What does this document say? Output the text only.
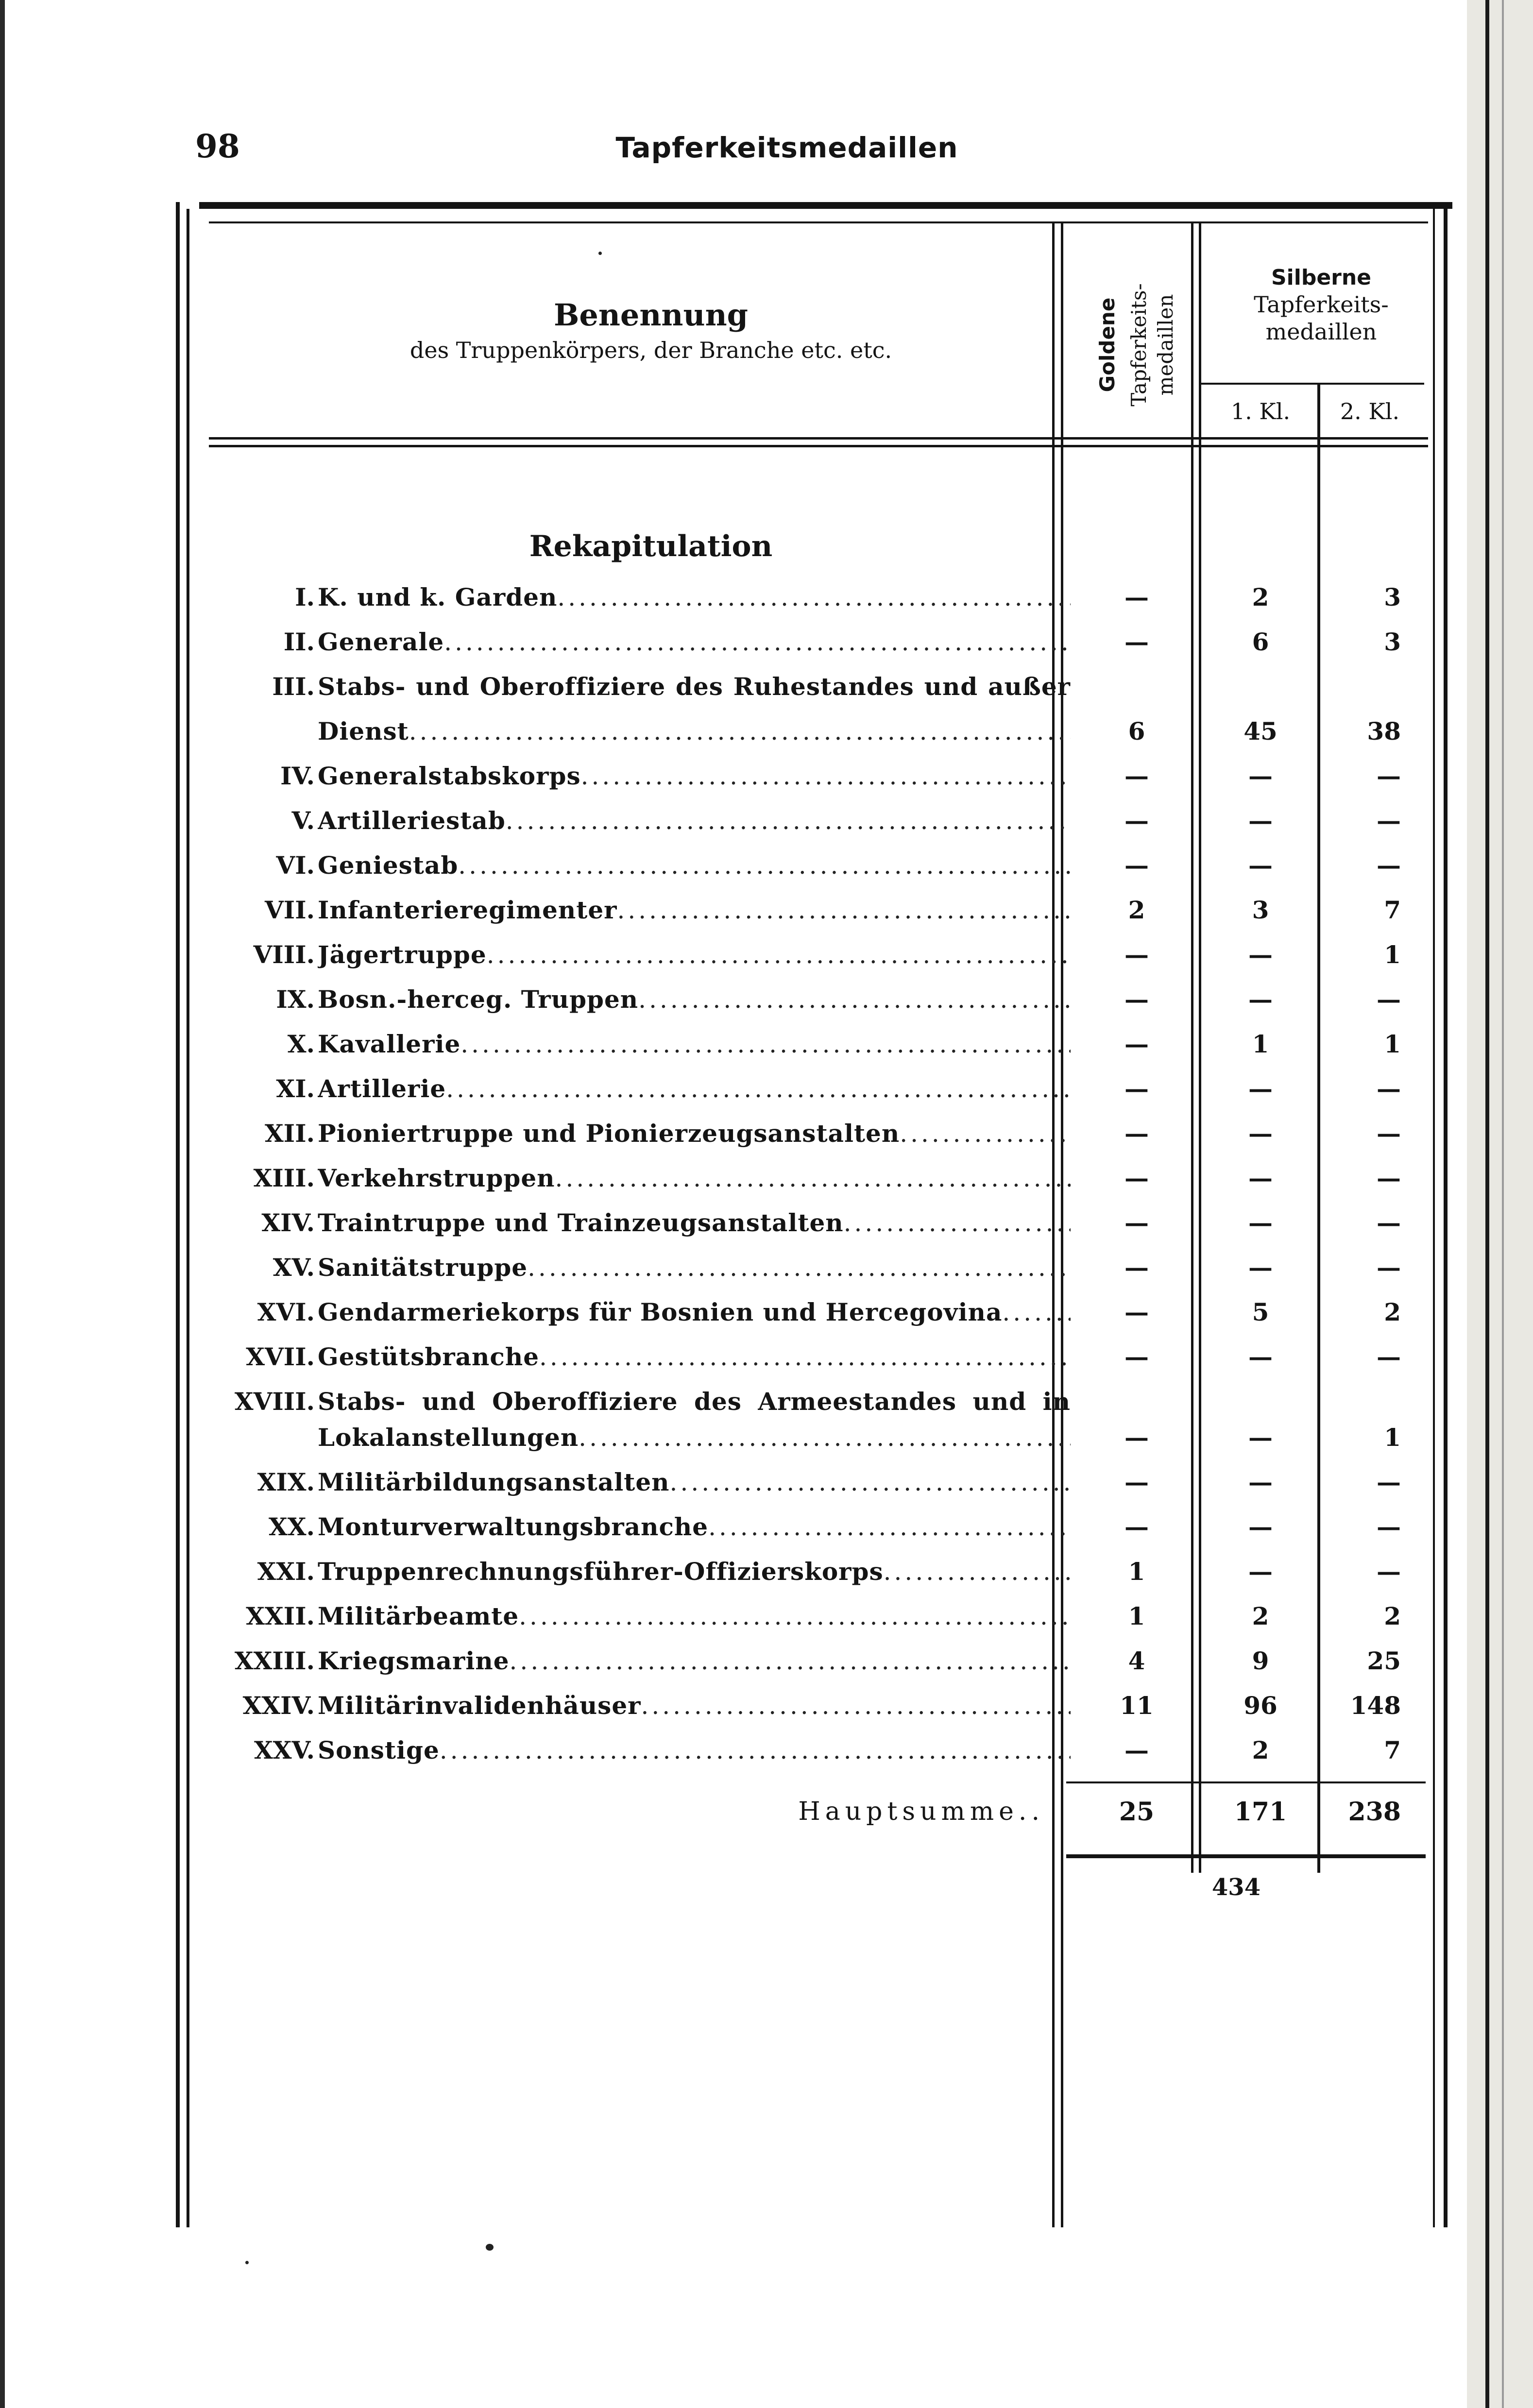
98	Tapferkeitsmedaillen
Benennung
des Truppenkörpers, der Branche etc. etc.	Goldene Tapferkeits- medaillen
Silberne
Tapferkeits-
medaillen
1. Kl.	2. Kl.
Rekapitulation
I. K. und k. Garden .....	—	2	3
II. Generale .....	—	6	3
III. Stabs- und Oberoffiziere des Ruhestandes und außer
Dienst .....	6	45	38
IV. Generalstabskorps .....	—	—	—
V. Artilleriestab .....	—	—	—
VI. Geniestab .....	—	—	—
VII. Infanterieregimenter .....	2	3	7
VIII. Jägertruppe .....	—	—	1
IX. Bosn.-herceg. Truppen .....	—	—	—
X. Kavallerie .....	—	1	1
XI. Artillerie .....	—	—	—
XII. Pioniertruppe und Pionierzeugsanstalten .....	—	—	—
XIII. Verkehrstruppen .....	—	—	—
XIV. Traintruppe und Trainzeugsanstalten .....	—	—	—
XV. Sanitätstruppe .....	—	—	—
XVI. Gendarmeriekorps für Bosnien und Hercegovina .....	—	5	2
XVII. Gestütsbranche .....	—	—	—
XVIII. Stabs- und Oberoffiziere des Armeestandes und in
Lokalanstellungen .....	—	—	1
XIX. Militärbildungsanstalten .....	—	—	—
XX. Monturverwaltungsbranche .....	—	—	—
XXI. Truppenrechnungsführer-Offizierskorps .....	1	—	—
XXII. Militärbeamte .....	1	2	2
XXIII. Kriegsmarine .....	4	9	25
XXIV. Militärinvalidenhäuser .....	11	96	148
XXV. Sonstige .....	—	2	7
Hauptsumme..	25	171	238
434
